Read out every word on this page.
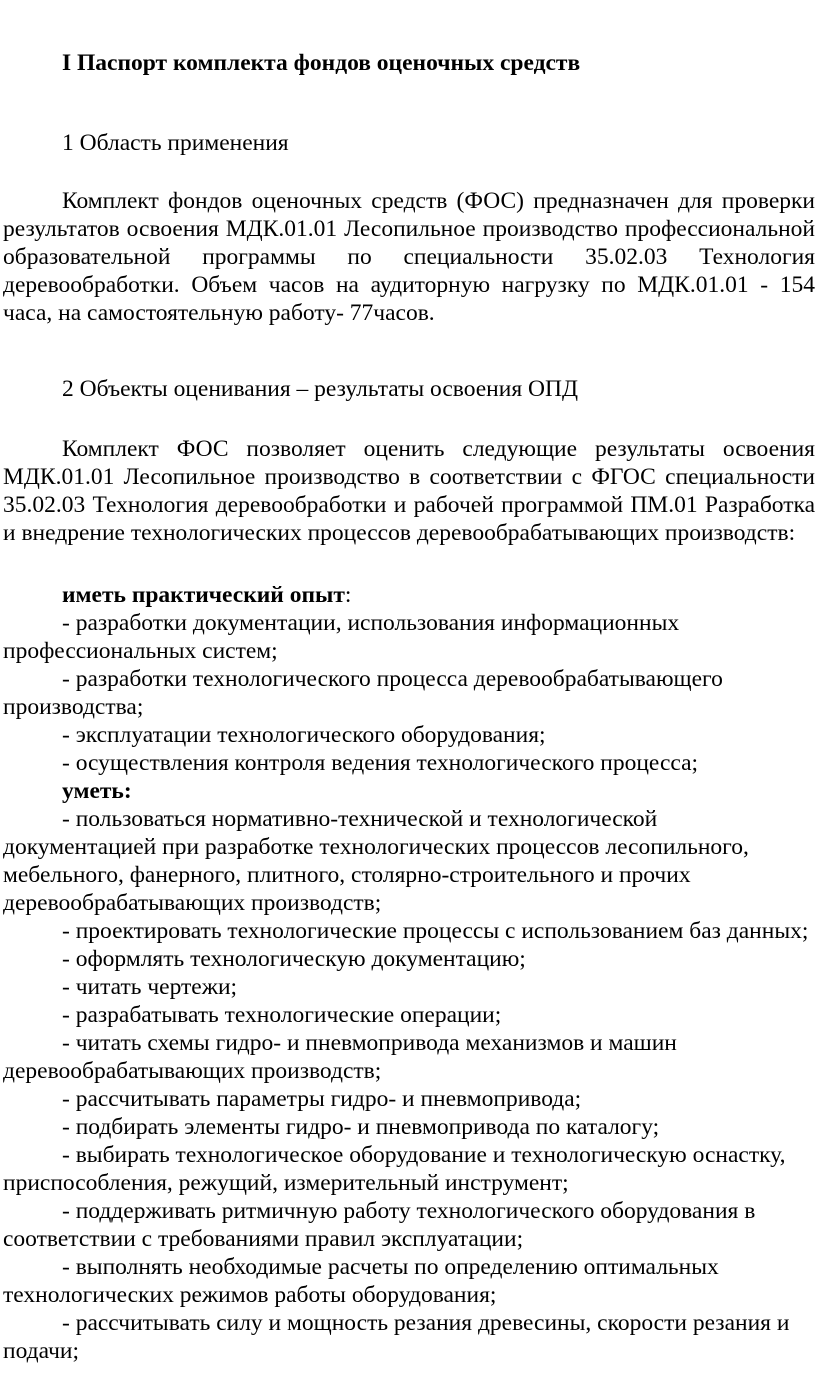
I Паспорт комплекта фондов оценочных средств
1 Область применения

Комплект фондов оценочных средств (ФОС) предназначен для проверки результатов освоения МДК.01.01 Лесопильное производство профессиональной образовательной программы по специальности 35.02.03 Технология деревообработки. Объем часов на аудиторную нагрузку по МДК.01.01 - 154 часа, на самостоятельную работу- 77часов.

2 Объекты оценивания – результаты освоения ОПД

Комплект ФОС позволяет оценить следующие результаты освоения МДК.01.01 Лесопильное производство в соответствии с ФГОС специальности 35.02.03 Технология деревообработки и рабочей программой ПМ.01 Разработка и внедрение технологических процессов деревообрабатывающих производств:

иметь практический опыт:

- разработки документации, использования информационных профессиональных систем;

- разработки технологического процесса деревообрабатывающего производства;

- эксплуатации технологического оборудования;

- осуществления контроля ведения технологического процесса;

уметь:

- пользоваться нормативно-технической и технологической документацией при разработке технологических процессов лесопильного, мебельного, фанерного, плитного, столярно-строительного и прочих деревообрабатывающих производств;

- проектировать технологические процессы с использованием баз данных;

- оформлять технологическую документацию;

- читать чертежи;

- разрабатывать технологические операции;

- читать схемы гидро- и пневмопривода механизмов и машин деревообрабатывающих производств;

- рассчитывать параметры гидро- и пневмопривода;

- подбирать элементы гидро- и пневмопривода по каталогу;

- выбирать технологическое оборудование и технологическую оснастку, приспособления, режущий, измерительный инструмент;

- поддерживать ритмичную работу технологического оборудования в соответствии с требованиями правил эксплуатации;

- выполнять необходимые расчеты по определению оптимальных технологических режимов работы оборудования;

- рассчитывать силу и мощность резания древесины, скорости резания и подачи;
